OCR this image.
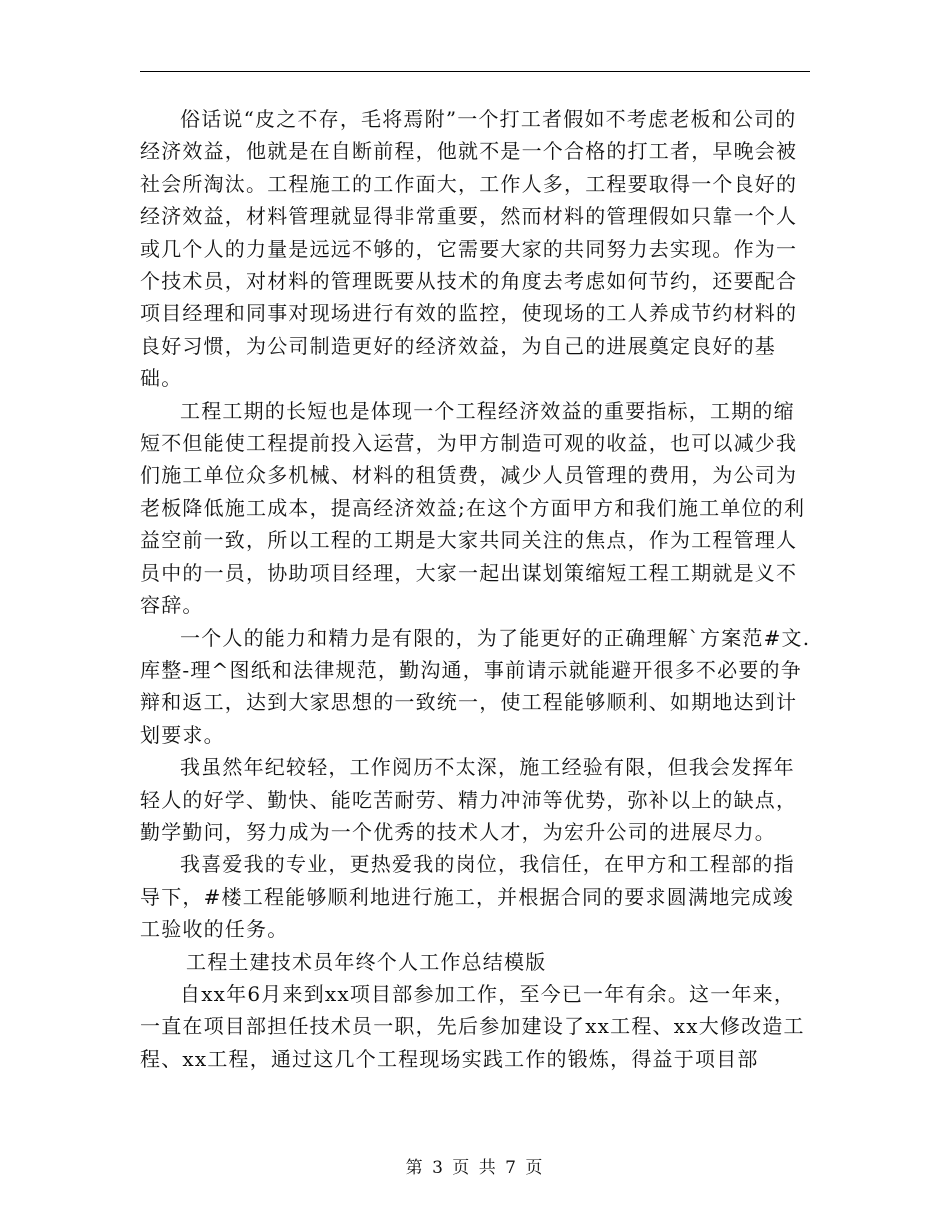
俗话说“皮之不存，毛将焉附”一个打工者假如不考虑老板和公司的经济效益，他就是在自断前程，他就不是一个合格的打工者，早晚会被社会所淘汰。工程施工的工作面大，工作人多，工程要取得一个良好的经济效益，材料管理就显得非常重要，然而材料的管理假如只靠一个人或几个人的力量是远远不够的，它需要大家的共同努力去实现。作为一个技术员，对材料的管理既要从技术的角度去考虑如何节约，还要配合项目经理和同事对现场进行有效的监控，使现场的工人养成节约材料的良好习惯，为公司制造更好的经济效益，为自己的进展奠定良好的基础。

工程工期的长短也是体现一个工程经济效益的重要指标，工期的缩短不但能使工程提前投入运营，为甲方制造可观的收益，也可以减少我们施工单位众多机械、材料的租赁费，减少人员管理的费用，为公司为老板降低施工成本，提高经济效益;在这个方面甲方和我们施工单位的利益空前一致，所以工程的工期是大家共同关注的焦点，作为工程管理人员中的一员，协助项目经理，大家一起出谋划策缩短工程工期就是义不容辞。

一个人的能力和精力是有限的，为了能更好的正确理解`方案范#文.库整-理^图纸和法律规范，勤沟通，事前请示就能避开很多不必要的争辩和返工，达到大家思想的一致统一，使工程能够顺利、如期地达到计划要求。

我虽然年纪较轻，工作阅历不太深，施工经验有限，但我会发挥年轻人的好学、勤快、能吃苦耐劳、精力冲沛等优势，弥补以上的缺点，勤学勤问，努力成为一个优秀的技术人才，为宏升公司的进展尽力。

我喜爱我的专业，更热爱我的岗位，我信任，在甲方和工程部的指导下，#楼工程能够顺利地进行施工，并根据合同的要求圆满地完成竣工验收的任务。

工程土建技术员年终个人工作总结模版

自xx年6月来到xx项目部参加工作，至今已一年有余。这一年来，一直在项目部担任技术员一职，先后参加建设了xx工程、xx大修改造工程、xx工程，通过这几个工程现场实践工作的锻炼，得益于项目部

第 3 页 共 7 页
